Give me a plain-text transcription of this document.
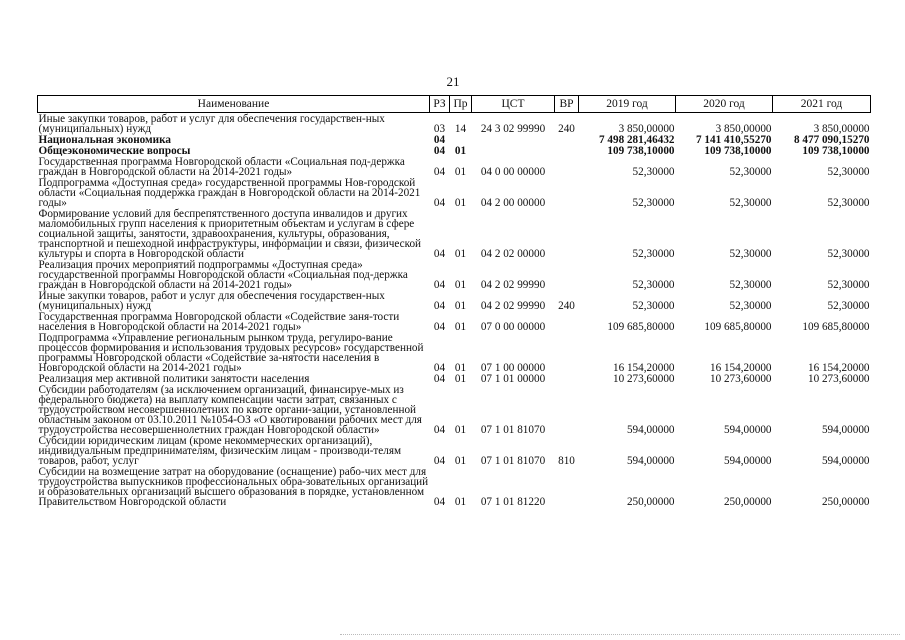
21
Наименование	РЗ	Пр	ЦСТ	ВР	2019 год	2020 год	2021 год
Иные закупки товаров, работ и услуг для обеспечения государствен-ных (муниципальных) нужд	03	14	24 3 02 99990	240	3 850,00000	3 850,00000	3 850,00000
Национальная экономика	04				7 498 281,46432	7 141 410,55270	8 477 090,15270
Общеэкономические вопросы	04	01			109 738,10000	109 738,10000	109 738,10000
Государственная программа Новгородской области «Социальная под-держка граждан в Новгородской области на 2014-2021 годы»	04	01	04 0 00 00000		52,30000	52,30000	52,30000
Подпрограмма «Доступная среда» государственной программы Нов-городской области «Социальная поддержка граждан в Новгородской области на 2014-2021 годы»	04	01	04 2 00 00000		52,30000	52,30000	52,30000
Формирование условий для беспрепятственного доступа инвалидов и других маломобильных групп населения к приоритетным объектам и услугам в сфере социальной защиты, занятости, здравоохранения, культуры, образования, транспортной и пешеходной инфраструктуры, информации и связи, физической культуры и спорта в Новгородской области	04	01	04 2 02 00000		52,30000	52,30000	52,30000
Реализация прочих мероприятий подпрограммы «Доступная среда» государственной программы Новгородской области «Социальная под-держка граждан в Новгородской области на 2014-2021 годы»	04	01	04 2 02 99990		52,30000	52,30000	52,30000
Иные закупки товаров, работ и услуг для обеспечения государствен-ных (муниципальных) нужд	04	01	04 2 02 99990	240	52,30000	52,30000	52,30000
Государственная программа Новгородской области «Содействие заня-тости населения в Новгородской области на 2014-2021 годы»	04	01	07 0 00 00000		109 685,80000	109 685,80000	109 685,80000
Подпрограмма «Управление региональным рынком труда, регулиро-вание процессов формирования и использования трудовых ресурсов» государственной программы Новгородской области «Содействие за-нятости населения в Новгородской области на 2014-2021 годы»	04	01	07 1 00 00000		16 154,20000	16 154,20000	16 154,20000
Реализация мер активной политики занятости населения	04	01	07 1 01 00000		10 273,60000	10 273,60000	10 273,60000
Субсидии работодателям (за исключением организаций, финансируе-мых из федерального бюджета) на выплату компенсации части затрат, связанных с трудоустройством несовершеннолетних по квоте органи-зации, установленной областным законом от 03.10.2011 №1054-ОЗ «О квотировании рабочих мест для трудоустройства несовершеннолетних граждан Новгородской области»	04	01	07 1 01 81070		594,00000	594,00000	594,00000
Субсидии юридическим лицам (кроме некоммерческих организаций), индивидуальным предпринимателям, физическим лицам - производи-телям товаров, работ, услуг	04	01	07 1 01 81070	810	594,00000	594,00000	594,00000
Субсидии на возмещение затрат на оборудование (оснащение) рабо-чих мест для трудоустройства выпускников профессиональных обра-зовательных организаций и образовательных организаций высшего образования в порядке, установленном Правительством Новгородской области	04	01	07 1 01 81220		250,00000	250,00000	250,00000
